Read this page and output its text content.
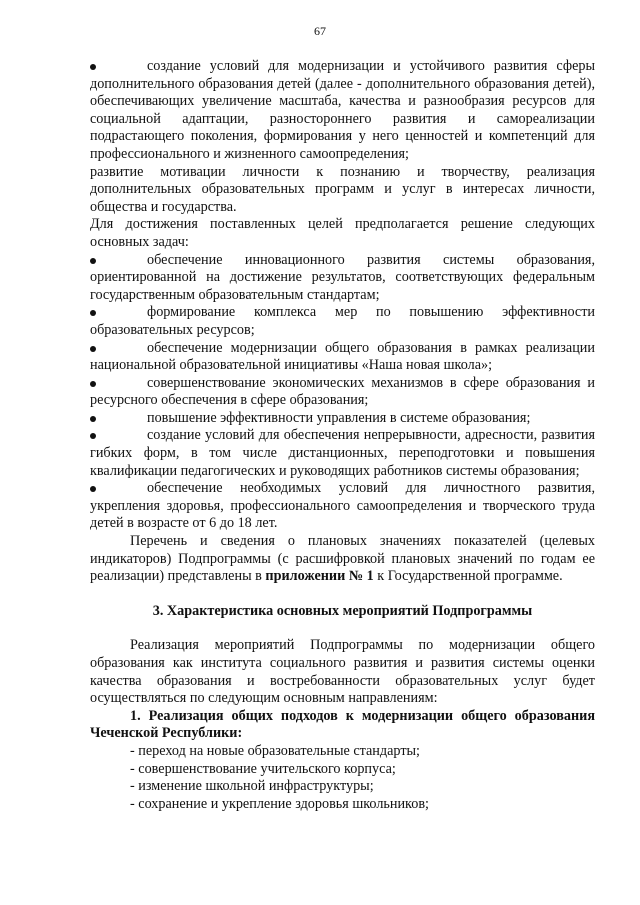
67

создание условий для модернизации и устойчивого развития сферы дополнительного образования детей (далее - дополнительного образования детей), обеспечивающих увеличение масштаба, качества и разнообразия ресурсов для социальной адаптации, разностороннего развития и самореализации подрастающего поколения, формирования у него ценностей и компетенций для профессионального и жизненного самоопределения;

развитие мотивации личности к познанию и творчеству, реализация дополнительных образовательных программ и услуг в интересах личности, общества и государства.

Для достижения поставленных целей предполагается решение следующих основных задач:

обеспечение инновационного развития системы образования, ориентированной на достижение результатов, соответствующих федеральным государственным образовательным стандартам;

формирование комплекса мер по повышению эффективности образовательных ресурсов;

обеспечение модернизации общего образования в рамках реализации национальной образовательной инициативы «Наша новая школа»;

совершенствование экономических механизмов в сфере образования и ресурсного обеспечения в сфере образования;

повышение эффективности управления в системе образования;

создание условий для обеспечения непрерывности, адресности, развития гибких форм, в том числе дистанционных, переподготовки и повышения квалификации педагогических и руководящих работников системы образования;

обеспечение необходимых условий для личностного развития, укрепления здоровья, профессионального самоопределения и творческого труда детей в возрасте от 6 до 18 лет.

Перечень и сведения о плановых значениях показателей (целевых индикаторов) Подпрограммы (с расшифровкой плановых значений по годам ее реализации) представлены в приложении № 1 к Государственной программе.

3. Характеристика основных мероприятий Подпрограммы

Реализация мероприятий Подпрограммы по модернизации общего образования как института социального развития и развития системы оценки качества образования и востребованности образовательных услуг будет осуществляться по следующим основным направлениям:

1. Реализация общих подходов к модернизации общего образования Чеченской Республики:

- переход на новые образовательные стандарты;

- совершенствование учительского корпуса;

- изменение школьной инфраструктуры;

- сохранение и укрепление здоровья школьников;
